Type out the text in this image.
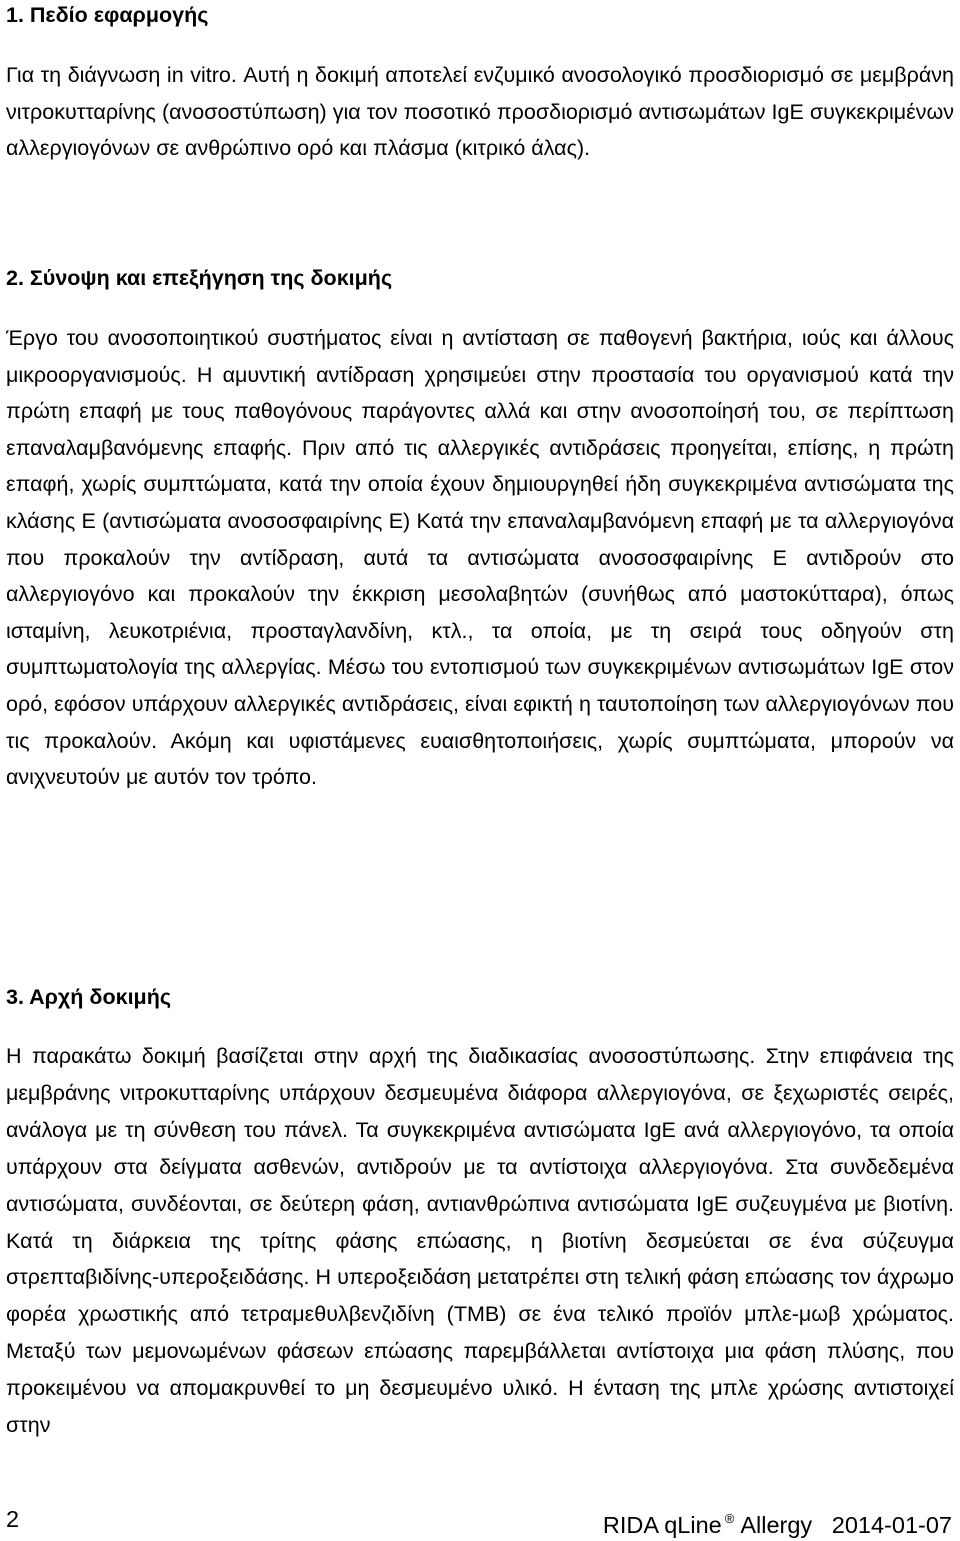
1. Πεδίο εφαρμογής

Για τη διάγνωση in vitro. Αυτή η δοκιμή αποτελεί ενζυμικό ανοσολογικό προσδιορισμό σε μεμβράνη νιτροκυτταρίνης (ανοσοστύπωση) για τον ποσοτικό προσδιορισμό αντισωμάτων IgE συγκεκριμένων αλλεργιογόνων σε ανθρώπινο ορό και πλάσμα (κιτρικό άλας).

2. Σύνοψη και επεξήγηση της δοκιμής

Έργο του ανοσοποιητικού συστήματος είναι η αντίσταση σε παθογενή βακτήρια, ιούς και άλλους μικροοργανισμούς. Η αμυντική αντίδραση χρησιμεύει στην προστασία του οργανισμού κατά την πρώτη επαφή με τους παθογόνους παράγοντες αλλά και στην ανοσοποίησή του, σε περίπτωση επαναλαμβανόμενης επαφής. Πριν από τις αλλεργικές αντιδράσεις προηγείται, επίσης, η πρώτη επαφή, χωρίς συμπτώματα, κατά την οποία έχουν δημιουργηθεί ήδη συγκεκριμένα αντισώματα της κλάσης Ε (αντισώματα ανοσοσφαιρίνης Ε) Κατά την επαναλαμβανόμενη επαφή με τα αλλεργιογόνα που προκαλούν την αντίδραση, αυτά τα αντισώματα ανοσοσφαιρίνης Ε αντιδρούν στο αλλεργιογόνο και προκαλούν την έκκριση μεσολαβητών (συνήθως από μαστοκύτταρα), όπως ισταμίνη, λευκοτριένια, προσταγλανδίνη, κτλ., τα οποία, με τη σειρά τους οδηγούν στη συμπτωματολογία της αλλεργίας. Μέσω του εντοπισμού των συγκεκριμένων αντισωμάτων IgE στον ορό, εφόσον υπάρχουν αλλεργικές αντιδράσεις, είναι εφικτή η ταυτοποίηση των αλλεργιογόνων που τις προκαλούν. Ακόμη και υφιστάμενες ευαισθητοποιήσεις, χωρίς συμπτώματα, μπορούν να ανιχνευτούν με αυτόν τον τρόπο.

3. Αρχή δοκιμής

Η παρακάτω δοκιμή βασίζεται στην αρχή της διαδικασίας ανοσοστύπωσης. Στην επιφάνεια της μεμβράνης νιτροκυτταρίνης υπάρχουν δεσμευμένα διάφορα αλλεργιογόνα, σε ξεχωριστές σειρές, ανάλογα με τη σύνθεση του πάνελ. Τα συγκεκριμένα αντισώματα IgE ανά αλλεργιογόνο, τα οποία υπάρχουν στα δείγματα ασθενών, αντιδρούν με τα αντίστοιχα αλλεργιογόνα. Στα συνδεδεμένα αντισώματα, συνδέονται, σε δεύτερη φάση, αντιανθρώπινα αντισώματα IgE συζευγμένα με βιοτίνη. Κατά τη διάρκεια της τρίτης φάσης επώασης, η βιοτίνη δεσμεύεται σε ένα σύζευγμα στρεπταβιδίνης-υπεροξειδάσης. Η υπεροξειδάση μετατρέπει στη τελική φάση επώασης τον άχρωμο φορέα χρωστικής από τετραμεθυλβενζιδίνη (TMB) σε ένα τελικό προϊόν μπλε-μωβ χρώματος. Μεταξύ των μεμονωμένων φάσεων επώασης παρεμβάλλεται αντίστοιχα μια φάση πλύσης, που προκειμένου να απομακρυνθεί το μη δεσμευμένο υλικό. Η ένταση της μπλε χρώσης αντιστοιχεί στην

2	RIDA qLine ® Allergy 2014-01-07
